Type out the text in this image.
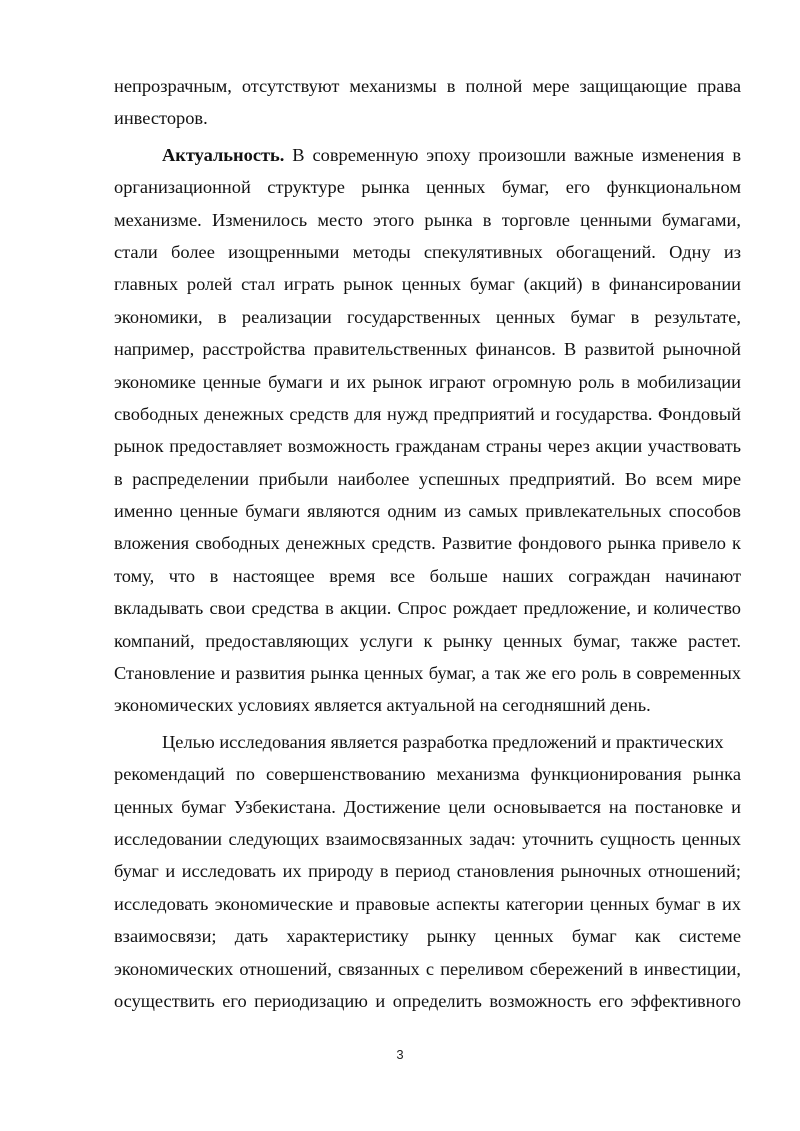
непрозрачным, отсутствуют механизмы в полной мере защищающие права
инвесторов.
Актуальность. В современную эпоху произошли важные изменения в
организационной структуре рынка ценных бумаг, его функциональном
механизме. Изменилось место этого рынка в торговле ценными бумагами,
стали более изощренными методы спекулятивных обогащений. Одну из
главных ролей стал играть рынок ценных бумаг (акций) в финансировании
экономики, в реализации государственных ценных бумаг в результате,
например, расстройства правительственных финансов. В развитой рыночной
экономике ценные бумаги и их рынок играют огромную роль в мобилизации
свободных денежных средств для нужд предприятий и государства. Фондовый
рынок предоставляет возможность гражданам страны через акции участвовать
в распределении прибыли наиболее успешных предприятий. Во всем мире
именно ценные бумаги являются одним из самых привлекательных способов
вложения свободных денежных средств. Развитие фондового рынка привело к
тому, что в настоящее время все больше наших сограждан начинают
вкладывать свои средства в акции. Спрос рождает предложение, и количество
компаний, предоставляющих услуги к рынку ценных бумаг, также растет.
Становление и развития рынка ценных бумаг, а так же его роль в современных
экономических условиях является актуальной на сегодняшний день.
Целью исследования является разработка предложений и практических
рекомендаций по совершенствованию механизма функционирования рынка
ценных бумаг Узбекистана. Достижение цели основывается на постановке и
исследовании следующих взаимосвязанных задач: уточнить сущность ценных
бумаг и исследовать их природу в период становления рыночных отношений;
исследовать экономические и правовые аспекты категории ценных бумаг в их
взаимосвязи; дать характеристику рынку ценных бумаг как системе
экономических отношений, связанных с переливом сбережений в инвестиции,
осуществить его периодизацию и определить возможность его эффективного
3
